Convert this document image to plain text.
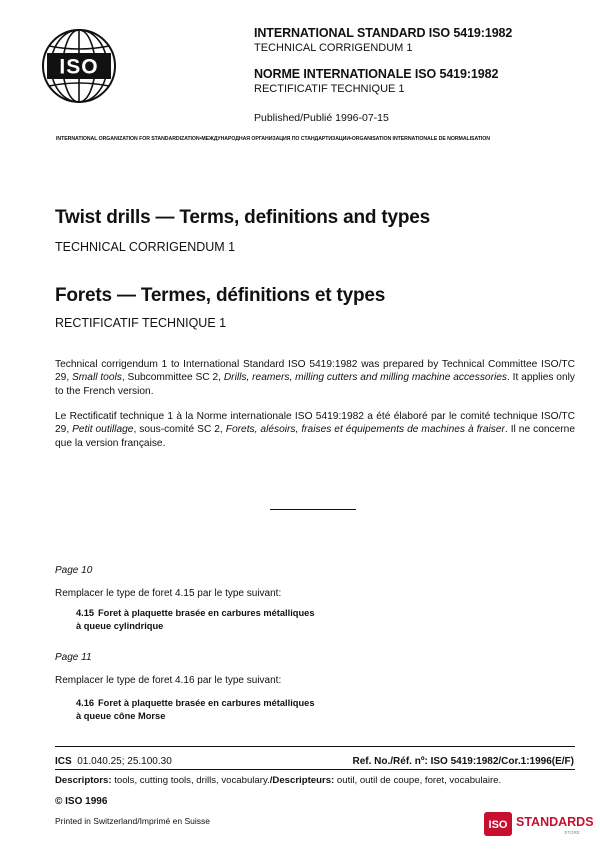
ISO
INTERNATIONAL STANDARD ISO 5419:1982
TECHNICAL CORRIGENDUM 1
NORME INTERNATIONALE ISO 5419:1982
RECTIFICATIF TECHNIQUE 1
Published/Publié 1996-07-15
INTERNATIONAL ORGANIZATION FOR STANDARDIZATION•МЕЖДУНАРОДНАЯ ОРГАНИЗАЦИЯ ПО СТАНДАРТИЗАЦИИ•ORGANISATION INTERNATIONALE DE NORMALISATION
Twist drills — Terms, definitions and types
TECHNICAL CORRIGENDUM 1
Forets — Termes, définitions et types
RECTIFICATIF TECHNIQUE 1
Technical corrigendum 1 to International Standard ISO 5419:1982 was prepared by Technical Committee ISO/TC 29, Small tools, Subcommittee SC 2, Drills, reamers, milling cutters and milling machine accessories. It applies only to the French version.
Le Rectificatif technique 1 à la Norme internationale ISO 5419:1982 a été élaboré par le comité technique ISO/TC 29, Petit outillage, sous-comité SC 2, Forets, alésoirs, fraises et équipements de machines à fraiser. Il ne concerne que la version française.
Page 10
Remplacer le type de foret 4.15 par le type suivant:
4.15 Foret à plaquette brasée en carbures métalliques
à queue cylindrique
Page 11
Remplacer le type de foret 4.16 par le type suivant:
4.16 Foret à plaquette brasée en carbures métalliques
à queue cône Morse
ICS 01.040.25; 25.100.30	Ref. No./Réf. nº: ISO 5419:1982/Cor.1:1996(E/F)
Descriptors: tools, cutting tools, drills, vocabulary./Descripteurs: outil, outil de coupe, foret, vocabulaire.
© ISO 1996
Printed in Switzerland/Imprimé en Suisse	ISO STANDARDS
STORE
